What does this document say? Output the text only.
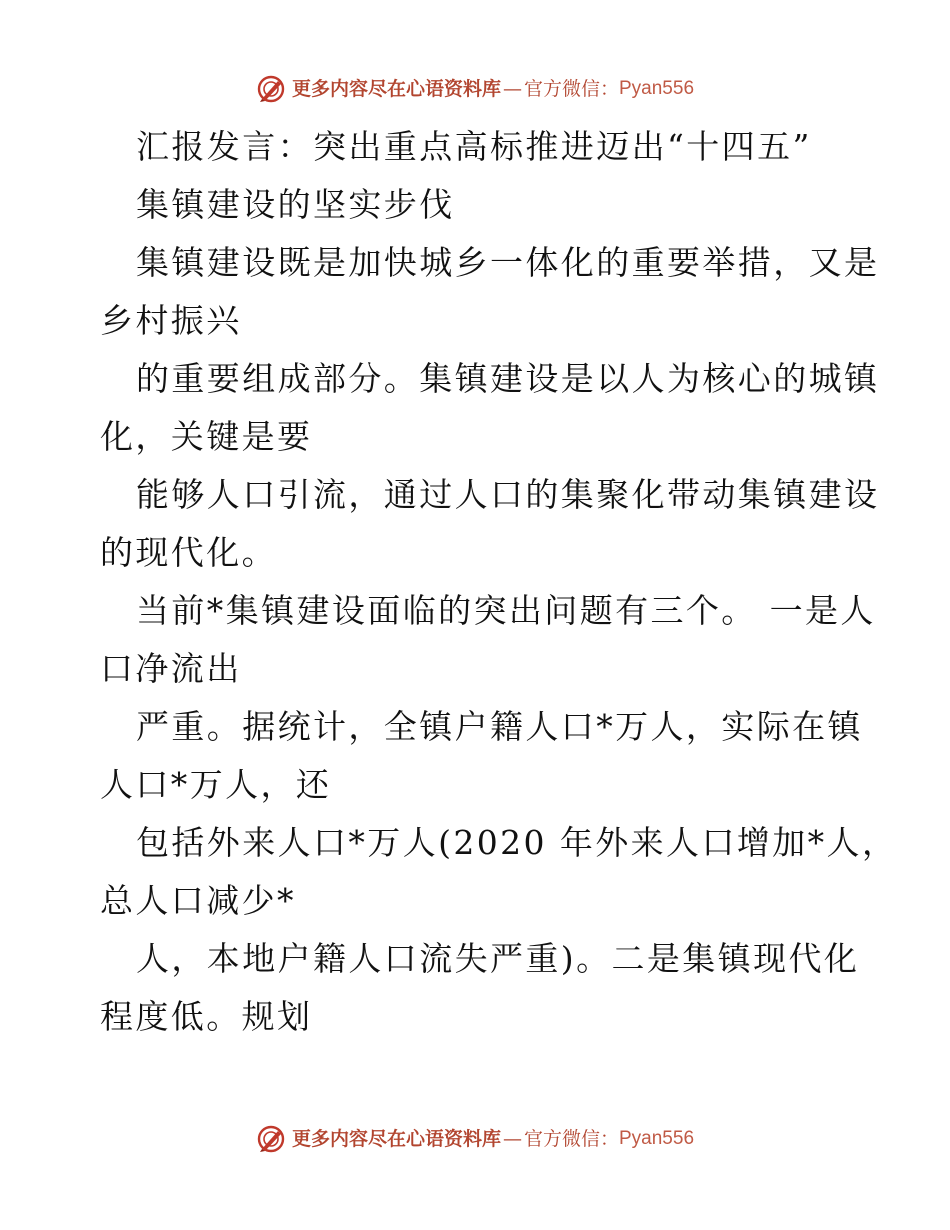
更多内容尽在心语资料库 — 官方微信： Pyan556
汇报发言：突出重点高标推进迈出“十四五”
集镇建设的坚实步伐
集镇建设既是加快城乡一体化的重要举措，又是
乡村振兴
的重要组成部分。集镇建设是以人为核心的城镇
化，关键是要
能够人口引流，通过人口的集聚化带动集镇建设
的现代化。
当前*集镇建设面临的突出问题有三个。 一是人
口净流出
严重。据统计，全镇户籍人口*万人，实际在镇
人口*万人，还
包括外来人口*万人(2020 年外来人口增加*人，
总人口减少*
人，本地户籍人口流失严重)。二是集镇现代化
程度低。规划
更多内容尽在心语资料库 — 官方微信： Pyan556
